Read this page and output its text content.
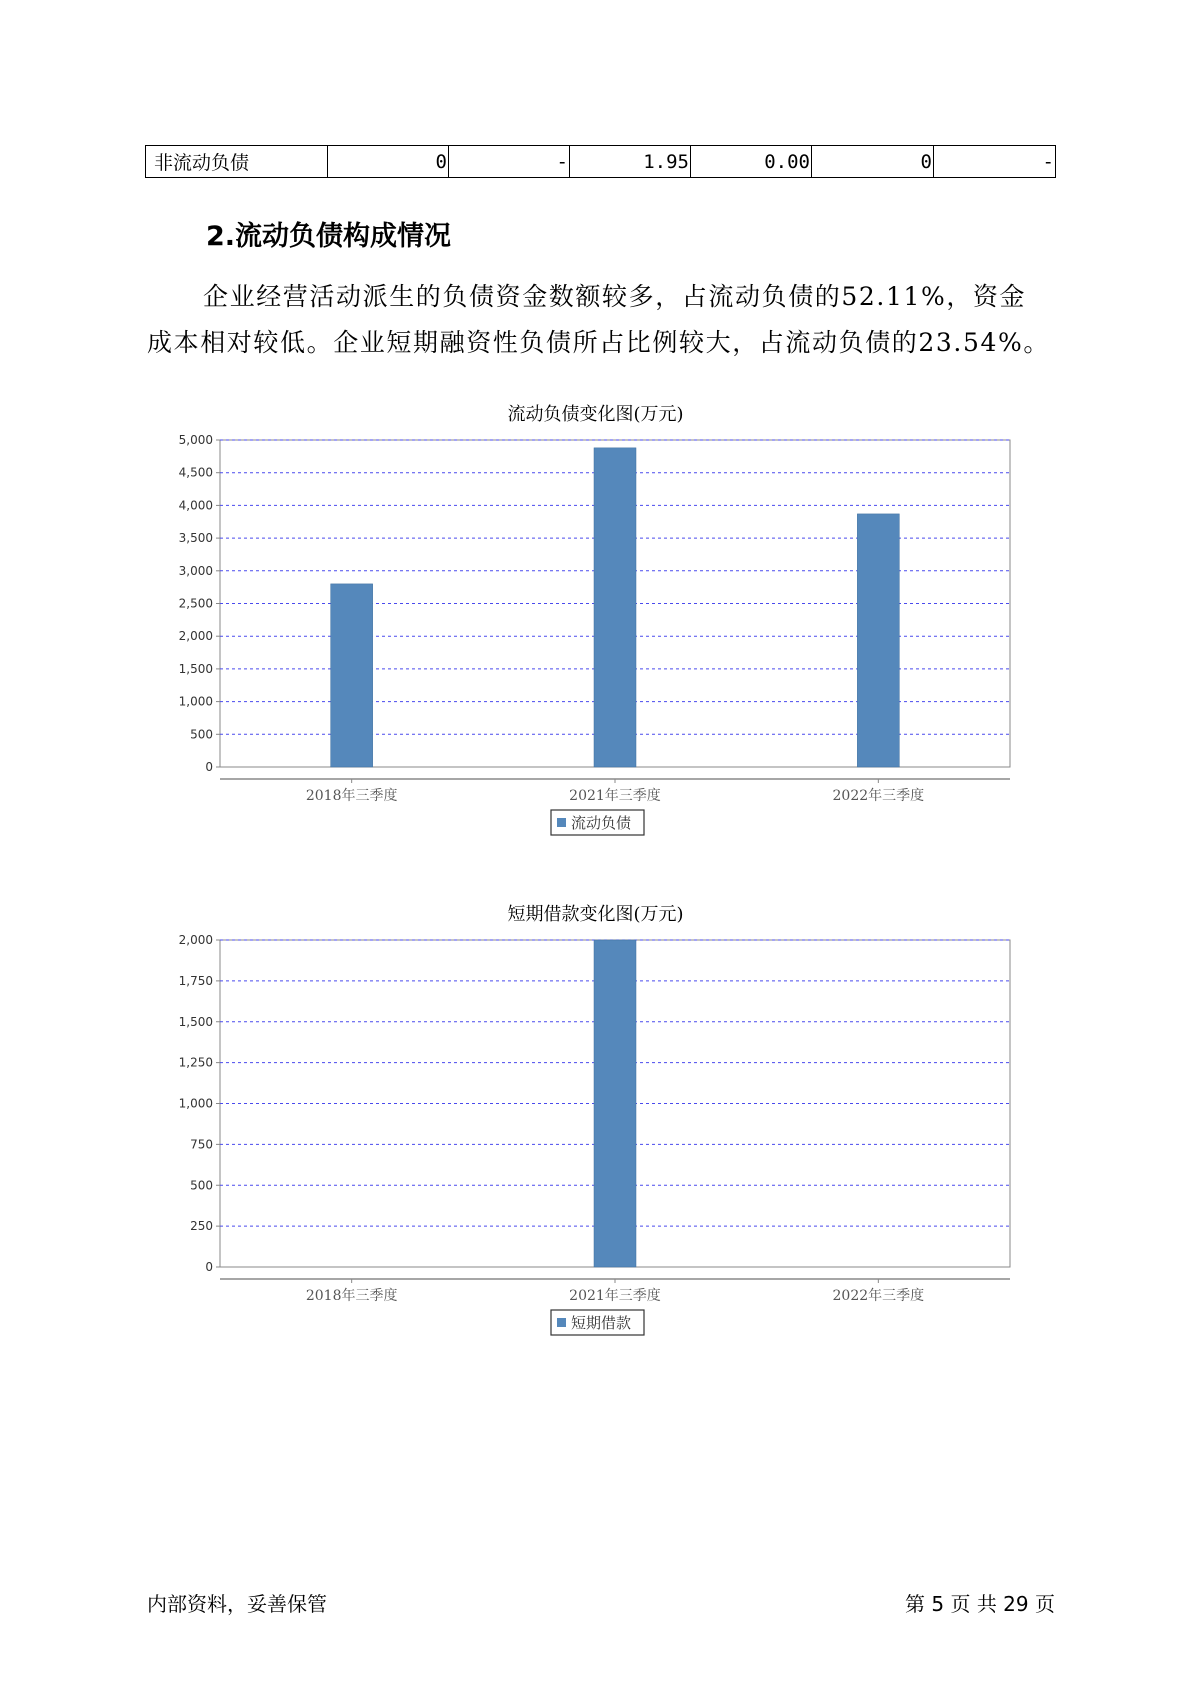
非流动负债	0	-	1.95	0.00	0	-
2.流动负债构成情况
企业经营活动派生的负债资金数额较多，占流动负债的52.11%，资金
成本相对较低。企业短期融资性负债所占比例较大，占流动负债的23.54%。
流动负债变化图(万元)
0
500
1,000
1,500
2,000
2,500
3,000
3,500
4,000
4,500
5,000
2018年三季度	2021年三季度	2022年三季度
流动负债
短期借款变化图(万元)
0
250
500
750
1,000
1,250
1,500
1,750
2,000
2018年三季度	2021年三季度	2022年三季度
短期借款
内部资料，妥善保管	第 5 页 共 29 页
